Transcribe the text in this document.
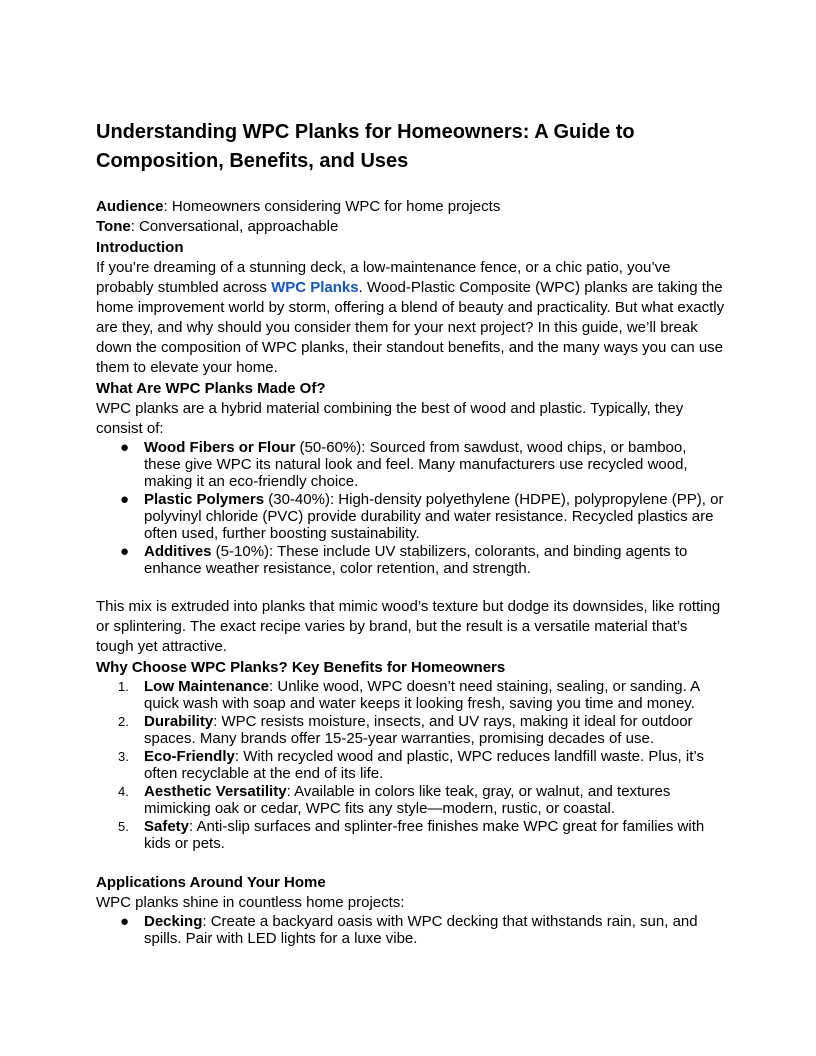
Understanding WPC Planks for Homeowners: A Guide to Composition, Benefits, and Uses

Audience: Homeowners considering WPC for home projects

Tone: Conversational, approachable

Introduction

If you’re dreaming of a stunning deck, a low-maintenance fence, or a chic patio, you’ve probably stumbled across WPC Planks. Wood-Plastic Composite (WPC) planks are taking the home improvement world by storm, offering a blend of beauty and practicality. But what exactly are they, and why should you consider them for your next project? In this guide, we’ll break down the composition of WPC planks, their standout benefits, and the many ways you can use them to elevate your home.

What Are WPC Planks Made Of?

WPC planks are a hybrid material combining the best of wood and plastic. Typically, they consist of:

● Wood Fibers or Flour (50-60%): Sourced from sawdust, wood chips, or bamboo, these give WPC its natural look and feel. Many manufacturers use recycled wood, making it an eco-friendly choice.
● Plastic Polymers (30-40%): High-density polyethylene (HDPE), polypropylene (PP), or polyvinyl chloride (PVC) provide durability and water resistance. Recycled plastics are often used, further boosting sustainability.
● Additives (5-10%): These include UV stabilizers, colorants, and binding agents to enhance weather resistance, color retention, and strength.

This mix is extruded into planks that mimic wood’s texture but dodge its downsides, like rotting or splintering. The exact recipe varies by brand, but the result is a versatile material that’s tough yet attractive.

Why Choose WPC Planks? Key Benefits for Homeowners

1.	Low Maintenance: Unlike wood, WPC doesn’t need staining, sealing, or sanding. A quick wash with soap and water keeps it looking fresh, saving you time and money.
2.	Durability: WPC resists moisture, insects, and UV rays, making it ideal for outdoor spaces. Many brands offer 15-25-year warranties, promising decades of use.
3.	Eco-Friendly: With recycled wood and plastic, WPC reduces landfill waste. Plus, it’s often recyclable at the end of its life.
4.	Aesthetic Versatility: Available in colors like teak, gray, or walnut, and textures mimicking oak or cedar, WPC fits any style—modern, rustic, or coastal.
5.	Safety: Anti-slip surfaces and splinter-free finishes make WPC great for families with kids or pets.

Applications Around Your Home

WPC planks shine in countless home projects:

● Decking: Create a backyard oasis with WPC decking that withstands rain, sun, and spills. Pair with LED lights for a luxe vibe.
